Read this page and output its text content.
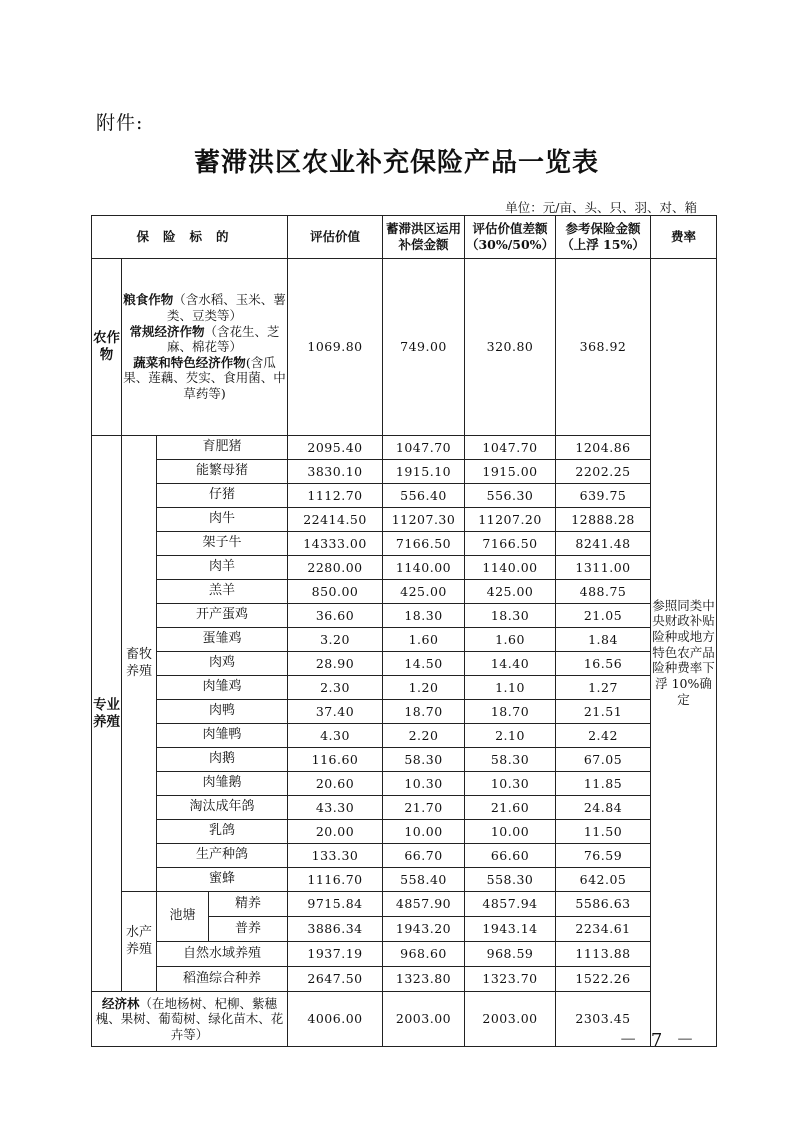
附件:
蓄滞洪区农业补充保险产品一览表
单位：元/亩、头、只、羽、对、箱
保险标的				评估价值	蓄滞洪区运用补偿金额	评估价值差额（30%/50%）	参考保险金额（上浮 15%）	费率
农作物	粮食作物（含水稻、玉米、薯类、豆类等）
常规经济作物（含花生、芝麻、棉花等）
蔬菜和特色经济作物(含瓜果、莲藕、芡实、食用菌、中草药等)			1069.80	749.00	320.80	368.92	参照同类中央财政补贴险种或地方特色农产品险种费率下浮 10%确定
专业养殖	畜牧养殖	育肥猪		2095.40	1047.70	1047.70	1204.86	
		能繁母猪		3830.10	1915.10	1915.00	2202.25	
		仔猪		1112.70	556.40	556.30	639.75	
		肉牛		22414.50	11207.30	11207.20	12888.28	
		架子牛		14333.00	7166.50	7166.50	8241.48	
		肉羊		2280.00	1140.00	1140.00	1311.00	
		羔羊		850.00	425.00	425.00	488.75	
		开产蛋鸡		36.60	18.30	18.30	21.05	
		蛋雏鸡		3.20	1.60	1.60	1.84	
		肉鸡		28.90	14.50	14.40	16.56	
		肉雏鸡		2.30	1.20	1.10	1.27	
		肉鸭		37.40	18.70	18.70	21.51	
		肉雏鸭		4.30	2.20	2.10	2.42	
		肉鹅		116.60	58.30	58.30	67.05	
		肉雏鹅		20.60	10.30	10.30	11.85	
		淘汰成年鸽		43.30	21.70	21.60	24.84	
		乳鸽		20.00	10.00	10.00	11.50	
		生产种鸽		133.30	66.70	66.60	76.59	
		蜜蜂		1116.70	558.40	558.30	642.05	
	水产养殖	池塘	精养	9715.84	4857.90	4857.94	5586.63	
			普养	3886.34	1943.20	1943.14	2234.61	
		自然水域养殖		1937.19	968.60	968.59	1113.88	
		稻渔综合种养		2647.50	1323.80	1323.70	1522.26	
经济林（在地杨树、杞柳、紫穗槐、果树、葡萄树、绿化苗木、花卉等）				4006.00	2003.00	2003.00	2303.45	
－ 7 －
